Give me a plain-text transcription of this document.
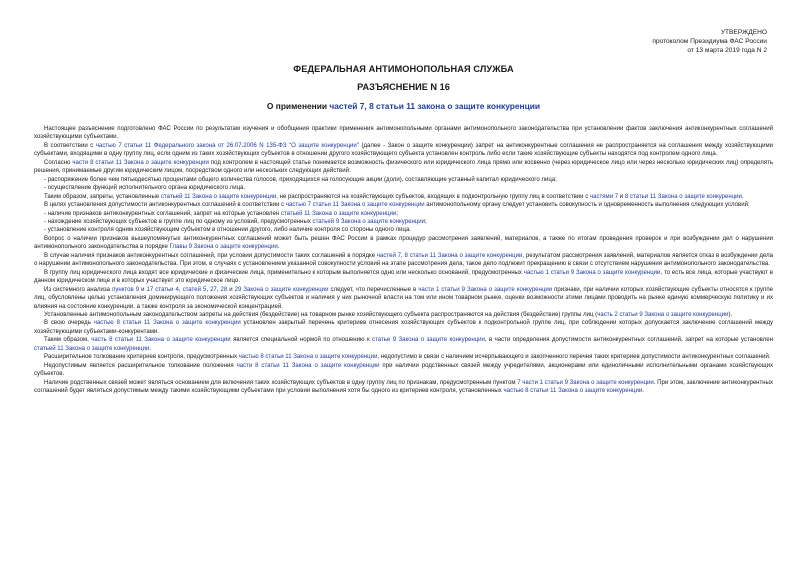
УТВЕРЖДЕНО
протоколом Президиума ФАС России
от 13 марта 2019 года N 2
ФЕДЕРАЛЬНАЯ АНТИМОНОПОЛЬНАЯ СЛУЖБА
РАЗЪЯСНЕНИЕ N 16
О применении частей 7, 8 статьи 11 закона о защите конкуренции

Настоящее разъяснение подготовлено ФАС России по результатам изучения и обобщения практики применения антимонопольными органами антимонопольного законодательства при установлении фактов заключения антиконкурентных соглашений хозяйствующими субъектами.

В соответствии с частью 7 статьи 11 Федерального закона от 26.07.2006 N 135-ФЗ "О защите конкуренции" (далее - Закон о защите конкуренции) запрет на антиконкурентные соглашения не распространяется на соглашения между хозяйствующими субъектами, входящими в одну группу лиц, если одним из таких хозяйствующих субъектов в отношении другого хозяйствующего субъекта установлен контроль либо если такие хозяйствующие субъекты находятся под контролем одного лица.

Согласно части 8 статьи 11 Закона о защите конкуренции под контролем в настоящей статье понимается возможность физического или юридического лица прямо или косвенно (через юридическое лицо или через несколько юридических лиц) определять решения, принимаемые другим юридическим лицом, посредством одного или нескольких следующих действий:

- распоряжение более чем пятьюдесятью процентами общего количества голосов, приходящихся на голосующие акции (доли), составляющие уставный капитал юридического лица;

- осуществление функций исполнительного органа юридического лица.

Таким образом, запреты, установленные статьей 11 Закона о защите конкуренции, не распространяются на хозяйствующих субъектов, входящих в подконтрольную группу лиц в соответствии с частями 7 и 8 статьи 11 Закона о защите конкуренции.

В целях установления допустимости антиконкурентных соглашений в соответствии с частью 7 статьи 11 Закона о защите конкуренции антимонопольному органу следует установить совокупность и одновременность выполнения следующих условий:

- наличие признаков антиконкурентных соглашений, запрет на которые установлен статьей 11 Закона о защите конкуренции;

- нахождение хозяйствующих субъектов в группе лиц по одному из условий, предусмотренных статьей 9 Закона о защите конкуренции;

- установление контроля одним хозяйствующим субъектом в отношении другого, либо наличие контроля со стороны одного лица.

Вопрос о наличии признаков вышеупомянутых антиконкурентных соглашений может быть решен ФАС России в рамках процедур рассмотрения заявлений, материалов, а также по итогам проведения проверок и при возбуждении дел о нарушении антимонопольного законодательства в порядке Главы 9 Закона о защите конкуренции.

В случае наличия признаков антиконкурентных соглашений, при условии допустимости таких соглашений в порядке частей 7, 8 статьи 11 Закона о защите конкуренции, результатом рассмотрения заявлений, материалов является отказ в возбуждении дела о нарушении антимонопольного законодательства. При этом, в случаях с установлением указанной совокупности условий на этапе рассмотрения дела, такое дело подлежит прекращению в связи с отсутствием нарушения антимонопольного законодательства.

В группу лиц юридического лица входят все юридические и физические лица, применительно к которым выполняется одно или несколько оснований, предусмотренных частью 1 статьи 9 Закона о защите конкуренции, то есть все лица, которые участвуют в данном юридическом лице и в которых участвует это юридическое лицо.

Из системного анализа пунктов 9 и 17 статьи 4, статей 5, 27, 28 и 29 Закона о защите конкуренции следует, что перечисленные в части 1 статьи 9 Закона о защите конкуренции признаки, при наличии которых хозяйствующие субъекты относятся к группе лиц, обусловлены целью установления доминирующего положения хозяйствующих субъектов и наличия у них рыночной власти на том или ином товарном рынке, оценки возможности этими лицами проводить на рынке единую коммерческую политику и их влияния на состояние конкуренции, а также контроля за экономической концентрацией.

Установленные антимонопольным законодательством запреты на действия (бездействие) на товарном рынке хозяйствующего субъекта распространяются на действия (бездействие) группы лиц (часть 2 статьи 9 Закона о защите конкуренции).

В свою очередь частью 8 статьи 11 Закона о защите конкуренции установлен закрытый перечень критериев отнесения хозяйствующих субъектов к подконтрольной группе лиц, при соблюдении которых допускается заключение соглашений между хозяйствующими субъектами-конкурентами.

Таким образом, часть 8 статьи 11 Закона о защите конкуренции является специальной нормой по отношению к статье 9 Закона о защите конкуренции, в части определения допустимости антиконкурентных соглашений, запрет на которые установлен статьей 11 Закона о защите конкуренции.

Расширительное толкование критериев контроля, предусмотренных частью 8 статьи 11 Закона о защите конкуренции, недопустимо в связи с наличием исчерпывающего и закопченного перечня таких критериев допустимости антиконкурентных соглашений.

Недопустимым является расширительное толкование положения части 8 статьи 11 Закона о защите конкуренции при наличии родственных связей между учредителями, акционерами или единоличными исполнительными органами хозяйствующих субъектов.

Наличие родственных связей может являться основанием для включения таких хозяйствующих субъектов в одну группу лиц по признакам, предусмотренным пунктом 7 части 1 статьи 9 Закона о защите конкуренции. При этом, заключение антиконкурентных соглашений будет являться допустимым между такими хозяйствующими субъектами при условии выполнения хотя бы одного из критериев контроля, установленных частью 8 статьи 11 Закона о защите конкуренции.
